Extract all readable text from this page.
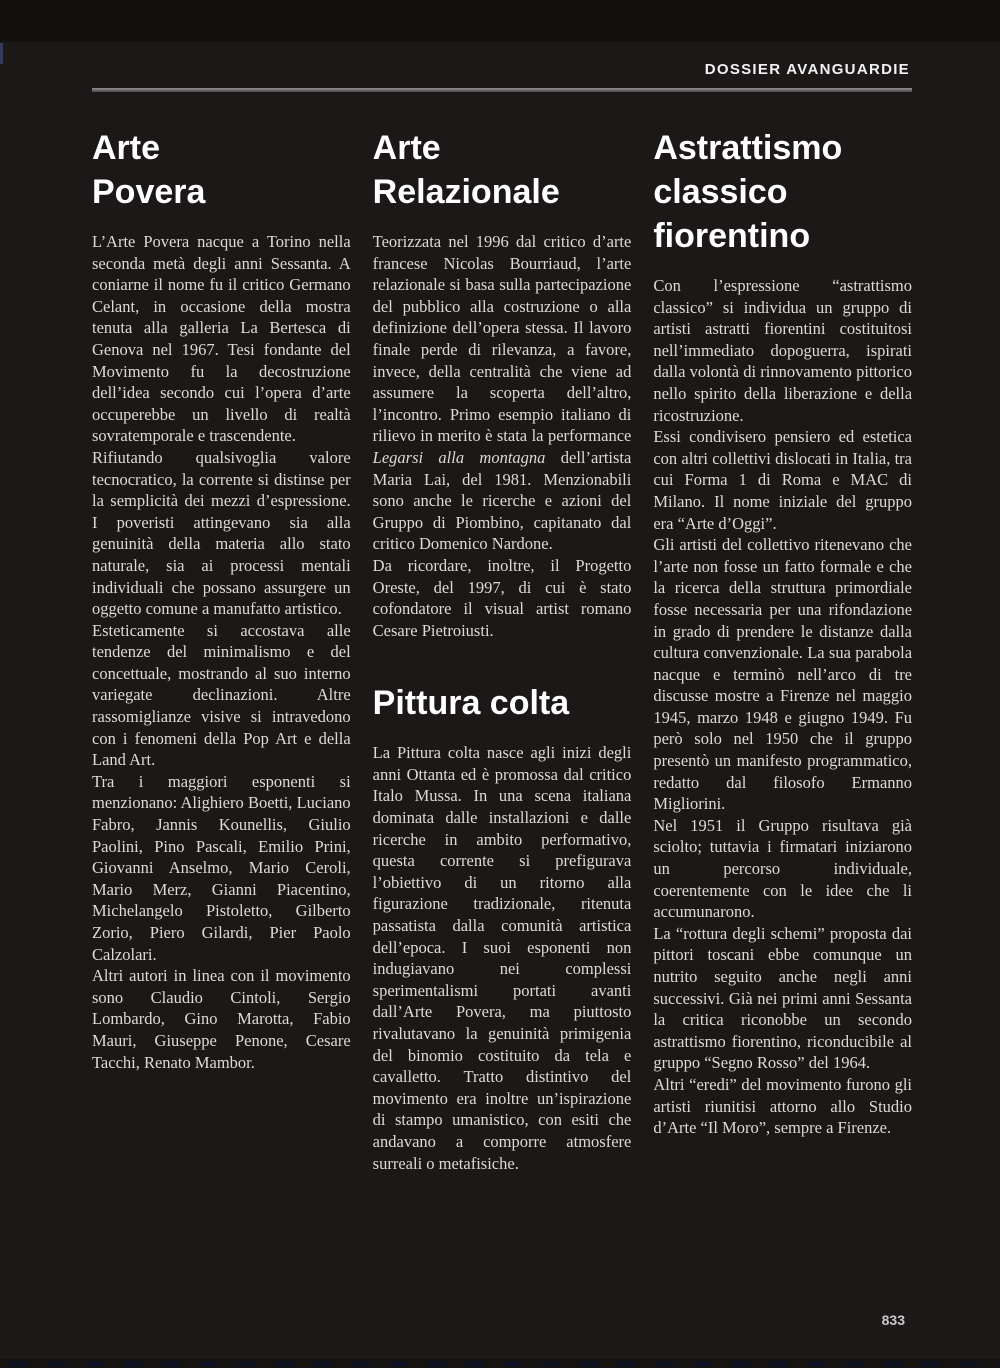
DOSSIER AVANGUARDIE
Arte
Povera

L’Arte Povera nacque a Torino nella seconda metà degli anni Sessanta. A coniarne il nome fu il critico Germano Celant, in occasione della mostra tenuta alla galleria La Bertesca di Genova nel 1967. Tesi fondante del Movimento fu la decostruzione dell’idea secondo cui l’opera d’arte occuperebbe un livello di realtà sovratemporale e trascendente.

Rifiutando qualsivoglia valore tecnocratico, la corrente si distinse per la semplicità dei mezzi d’espressione. I poveristi attingevano sia alla genuinità della materia allo stato naturale, sia ai processi mentali individuali che possano assurgere un oggetto comune a manufatto artistico.

Esteticamente si accostava alle tendenze del minimalismo e del concettuale, mostrando al suo interno variegate declinazioni. Altre rassomiglianze visive si intravedono con i fenomeni della Pop Art e della Land Art.

Tra i maggiori esponenti si menzionano: Alighiero Boetti, Luciano Fabro, Jannis Kounellis, Giulio Paolini, Pino Pascali, Emilio Prini, Giovanni Anselmo, Mario Ceroli, Mario Merz, Gianni Piacentino, Michelangelo Pistoletto, Gilberto Zorio, Piero Gilardi, Pier Paolo Calzolari.

Altri autori in linea con il movimento sono Claudio Cintoli, Sergio Lombardo, Gino Marotta, Fabio Mauri, Giuseppe Penone, Cesare Tacchi, Renato Mambor.

Arte
Relazionale

Teorizzata nel 1996 dal critico d’arte francese Nicolas Bourriaud, l’arte relazionale si basa sulla partecipazione del pubblico alla costruzione o alla definizione dell’opera stessa. Il lavoro finale perde di rilevanza, a favore, invece, della centralità che viene ad assumere la scoperta dell’altro, l’incontro. Primo esempio italiano di rilievo in merito è stata la performance Legarsi alla montagna dell’artista Maria Lai, del 1981. Menzionabili sono anche le ricerche e azioni del Gruppo di Piombino, capitanato dal critico Domenico Nardone.

Da ricordare, inoltre, il Progetto Oreste, del 1997, di cui è stato cofondatore il visual artist romano Cesare Pietroiusti.

Pittura colta

La Pittura colta nasce agli inizi degli anni Ottanta ed è promossa dal critico Italo Mussa. In una scena italiana dominata dalle installazioni e dalle ricerche in ambito performativo, questa corrente si prefigurava l’obiettivo di un ritorno alla figurazione tradizionale, ritenuta passatista dalla comunità artistica dell’epoca. I suoi esponenti non indugiavano nei complessi sperimentalismi portati avanti dall’Arte Povera, ma piuttosto rivalutavano la genuinità primigenia del binomio costituito da tela e cavalletto. Tratto distintivo del movimento era inoltre un’ispirazione di stampo umanistico, con esiti che andavano a comporre atmosfere surreali o metafisiche.

Astrattismo
classico
fiorentino

Con l’espressione “astrattismo classico” si individua un gruppo di artisti astratti fiorentini costituitosi nell’immediato dopoguerra, ispirati dalla volontà di rinnovamento pittorico nello spirito della liberazione e della ricostruzione.

Essi condivisero pensiero ed estetica con altri collettivi dislocati in Italia, tra cui Forma 1 di Roma e MAC di Milano. Il nome iniziale del gruppo era “Arte d’Oggi”.

Gli artisti del collettivo ritenevano che l’arte non fosse un fatto formale e che la ricerca della struttura primordiale fosse necessaria per una rifondazione in grado di prendere le distanze dalla cultura convenzionale. La sua parabola nacque e terminò nell’arco di tre discusse mostre a Firenze nel maggio 1945, marzo 1948 e giugno 1949. Fu però solo nel 1950 che il gruppo presentò un manifesto programmatico, redatto dal filosofo Ermanno Migliorini.

Nel 1951 il Gruppo risultava già sciolto; tuttavia i firmatari iniziarono un percorso individuale, coerentemente con le idee che li accumunarono.

La “rottura degli schemi” proposta dai pittori toscani ebbe comunque un nutrito seguito anche negli anni successivi. Già nei primi anni Sessanta la critica riconobbe un secondo astrattismo fiorentino, riconducibile al gruppo “Segno Rosso” del 1964.

Altri “eredi” del movimento furono gli artisti riunitisi attorno allo Studio d’Arte “Il Moro”, sempre a Firenze.

833
